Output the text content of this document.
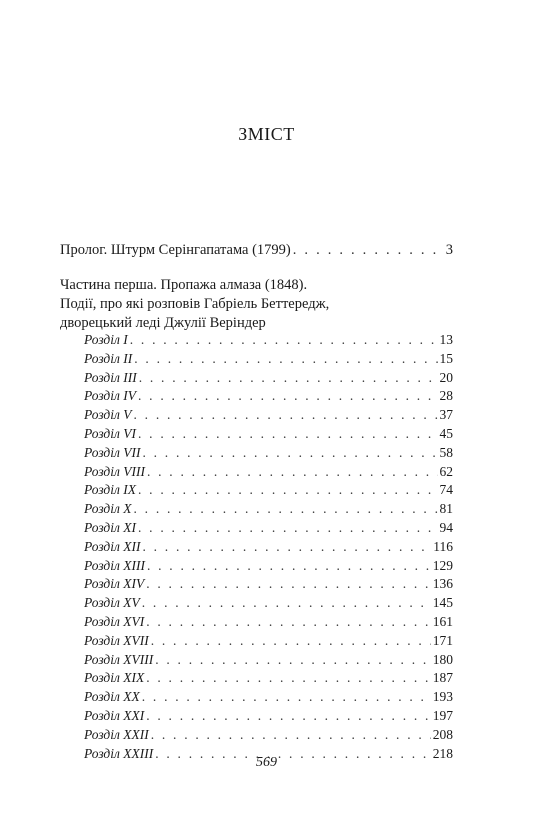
ЗМІСТ
Пролог. Штурм Серінгапатама (1799) . . .	3
Частина перша. Пропажа алмаза (1848).
Події, про які розповів Габріель Беттередж,
дворецький леді Джулії Веріндер
Розділ I . . .	13
Розділ II . . .	15
Розділ III . . .	20
Розділ IV . . .	28
Розділ V . . .	37
Розділ VI . . .	45
Розділ VII . . .	58
Розділ VIII . . .	62
Розділ IX . . .	74
Розділ X . . .	81
Розділ XI . . .	94
Розділ XII . . .	116
Розділ XIII . . .	129
Розділ XIV . . .	136
Розділ XV . . .	145
Розділ XVI . . .	161
Розділ XVII . . .	171
Розділ XVIII . . .	180
Розділ XIX . . .	187
Розділ XX . . .	193
Розділ XXI . . .	197
Розділ XXII . . .	208
Розділ XXIII . . .	218
569
